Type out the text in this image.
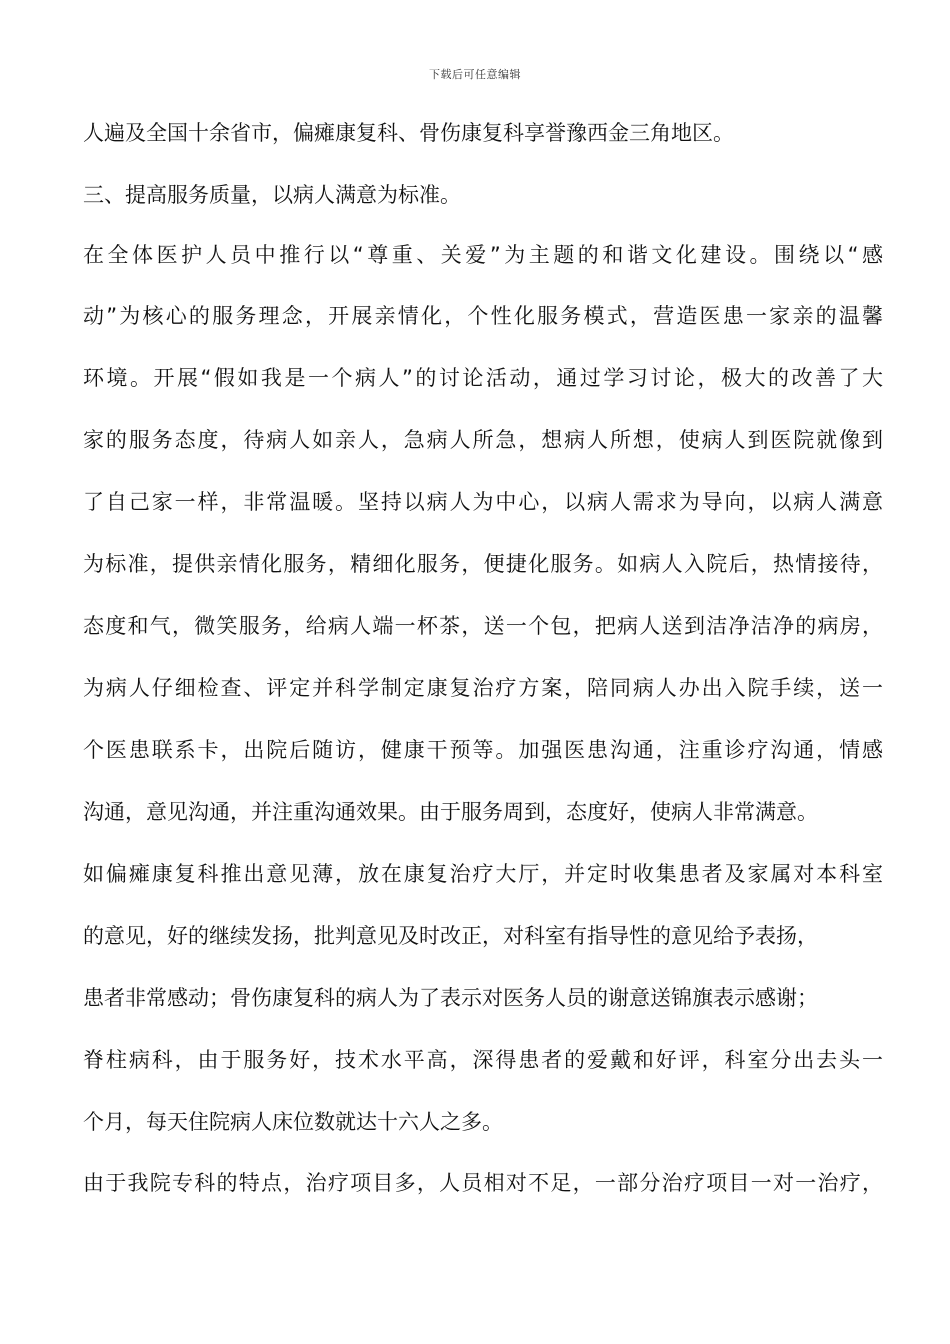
下载后可任意编辑
人遍及全国十余省市，偏瘫康复科、骨伤康复科享誉豫西金三角地区。
三、提高服务质量，以病人满意为标准。
在全体医护人员中推行以“尊重、关爱”为主题的和谐文化建设。围绕以“感
动”为核心的服务理念，开展亲情化，个性化服务模式，营造医患一家亲的温馨
环境。开展“假如我是一个病人”的讨论活动，通过学习讨论，极大的改善了大
家的服务态度，待病人如亲人，急病人所急，想病人所想，使病人到医院就像到
了自己家一样，非常温暖。坚持以病人为中心，以病人需求为导向，以病人满意
为标准，提供亲情化服务，精细化服务，便捷化服务。如病人入院后，热情接待，
态度和气，微笑服务，给病人端一杯茶，送一个包，把病人送到洁净洁净的病房，
为病人仔细检查、评定并科学制定康复治疗方案，陪同病人办出入院手续，送一
个医患联系卡，出院后随访，健康干预等。加强医患沟通，注重诊疗沟通，情感
沟通，意见沟通，并注重沟通效果。由于服务周到，态度好，使病人非常满意。
如偏瘫康复科推出意见薄，放在康复治疗大厅，并定时收集患者及家属对本科室
的意见，好的继续发扬，批判意见及时改正，对科室有指导性的意见给予表扬，
患者非常感动；骨伤康复科的病人为了表示对医务人员的谢意送锦旗表示感谢；
脊柱病科，由于服务好，技术水平高，深得患者的爱戴和好评，科室分出去头一
个月，每天住院病人床位数就达十六人之多。
由于我院专科的特点，治疗项目多，人员相对不足，一部分治疗项目一对一治疗，
